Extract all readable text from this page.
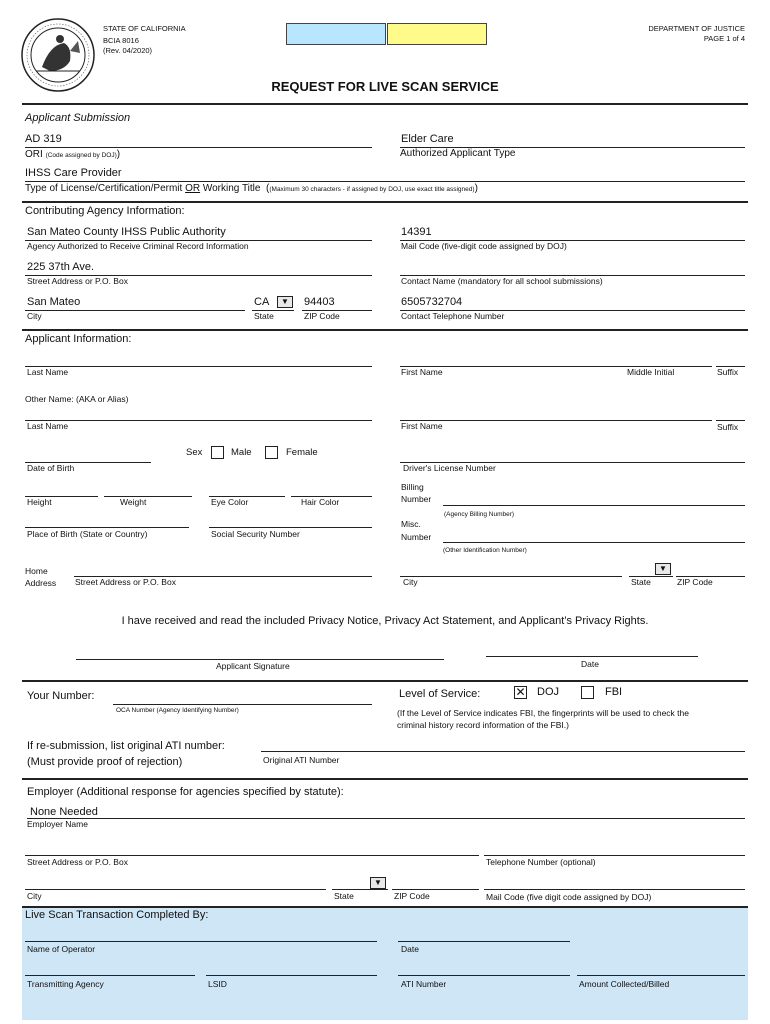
STATE OF CALIFORNIA
BCIA 8016
(Rev. 04/2020)
DEPARTMENT OF JUSTICE
PAGE 1 of 4
REQUEST FOR LIVE SCAN SERVICE
Applicant Submission
AD 319
ORI (Code assigned by DOJ))
Elder Care
Authorized Applicant Type
IHSS Care Provider
Type of License/Certification/Permit OR Working Title  ((Maximum 30 characters - if assigned by DOJ, use exact title assigned))
Contributing Agency Information:
San Mateo County IHSS Public Authority
Agency Authorized to Receive Criminal Record Information
14391
Mail Code (five-digit code assigned by DOJ)
225 37th Ave.
Street Address or P.O. Box	Contact Name (mandatory for all school submissions)
San Mateo
City
CA	▼
State
94403
ZIP Code
6505732704
Contact Telephone Number
Applicant Information:
Last Name	First Name	Middle Initial	Suffix
Other Name: (AKA or Alias)
Last Name	First Name	Suffix
Sex	Male	Female
Date of Birth	Driver's License Number
Billing
Number
(Agency Billing Number)
Height	Weight	Eye Color	Hair Color
Place of Birth (State or Country)	Social Security Number
Misc.
Number
(Other Identification Number)
Home
Address Street Address or P.O. Box	City
▼
State	ZIP Code
I have received and read the included Privacy Notice, Privacy Act Statement, and Applicant’s Privacy Rights.
Applicant Signature	Date
Your Number:
OCA Number (Agency Identifying Number)
Level of Service:	✕ DOJ	FBI
(If the Level of Service indicates FBI, the fingerprints will be used to check the
criminal history record information of the FBI.)
If re-submission, list original ATI number:
(Must provide proof of rejection)	Original ATI Number
Employer (Additional response for agencies specified by statute):
None Needed
Employer Name
Street Address or P.O. Box	Telephone Number (optional)
City
▼
State	ZIP Code	Mail Code (five digit code assigned by DOJ)
Live Scan Transaction Completed By:
Name of Operator	Date
Transmitting Agency	LSID	ATI Number	Amount Collected/Billed
